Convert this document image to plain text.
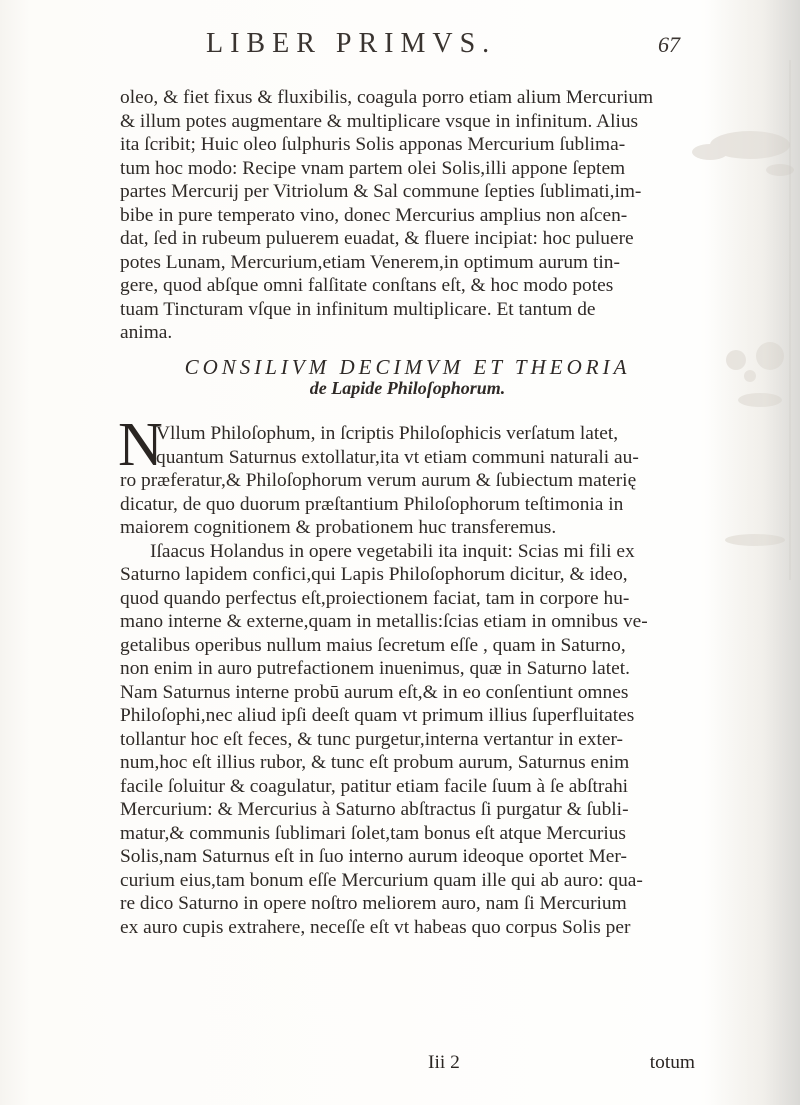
LIBER PRIMVS.	67
oleo, & fiet fixus & fluxibilis, coagula porro etiam alium Mercurium
& illum potes augmentare & multiplicare vsque in infinitum. Alius
ita ſcribit; Huic oleo ſulphuris Solis apponas Mercurium ſublima-
tum hoc modo: Recipe vnam partem olei Solis,illi appone ſeptem
partes Mercurij per Vitriolum & Sal commune ſepties ſublimati,im-
bibe in pure temperato vino, donec Mercurius amplius non aſcen-
dat, ſed in rubeum puluerem euadat, & fluere incipiat: hoc puluere
potes Lunam, Mercurium,etiam Venerem,in optimum aurum tin-
gere, quod abſque omni falſitate conſtans eſt, & hoc modo potes
tuam Tincturam vſque in infinitum multiplicare. Et tantum de
anima.
CONSILIVM DECIMVM ET THEORIA
de Lapide Philoſophorum.
N
Vllum Philoſophum, in ſcriptis Philoſophicis verſatum latet,
quantum Saturnus extollatur,ita vt etiam communi naturali au-
ro præferatur,& Philoſophorum verum aurum & ſubiectum materię
dicatur, de quo duorum præſtantium Philoſophorum teſtimonia in
maiorem cognitionem & probationem huc transferemus.
Iſaacus Holandus in opere vegetabili ita inquit: Scias mi fili ex
Saturno lapidem confici,qui Lapis Philoſophorum dicitur, & ideo,
quod quando perfectus eſt,proiectionem faciat, tam in corpore hu-
mano interne & externe,quam in metallis:ſcias etiam in omnibus ve-
getalibus operibus nullum maius ſecretum eſſe , quam in Saturno,
non enim in auro putrefactionem inuenimus, quæ in Saturno latet.
Nam Saturnus interne probū aurum eſt,& in eo conſentiunt omnes
Philoſophi,nec aliud ipſi deeſt quam vt primum illius ſuperfluitates
tollantur hoc eſt feces, & tunc purgetur,interna vertantur in exter-
num,hoc eſt illius rubor, & tunc eſt probum aurum, Saturnus enim
facile ſoluitur & coagulatur, patitur etiam facile ſuum à ſe abſtrahi
Mercurium: & Mercurius à Saturno abſtractus ſi purgatur & ſubli-
matur,& communis ſublimari ſolet,tam bonus eſt atque Mercurius
Solis,nam Saturnus eſt in ſuo interno aurum ideoque oportet Mer-
curium eius,tam bonum eſſe Mercurium quam ille qui ab auro: qua-
re dico Saturno in opere noſtro meliorem auro, nam ſi Mercurium
ex auro cupis extrahere, neceſſe eſt vt habeas quo corpus Solis per
Iii 2	totum
